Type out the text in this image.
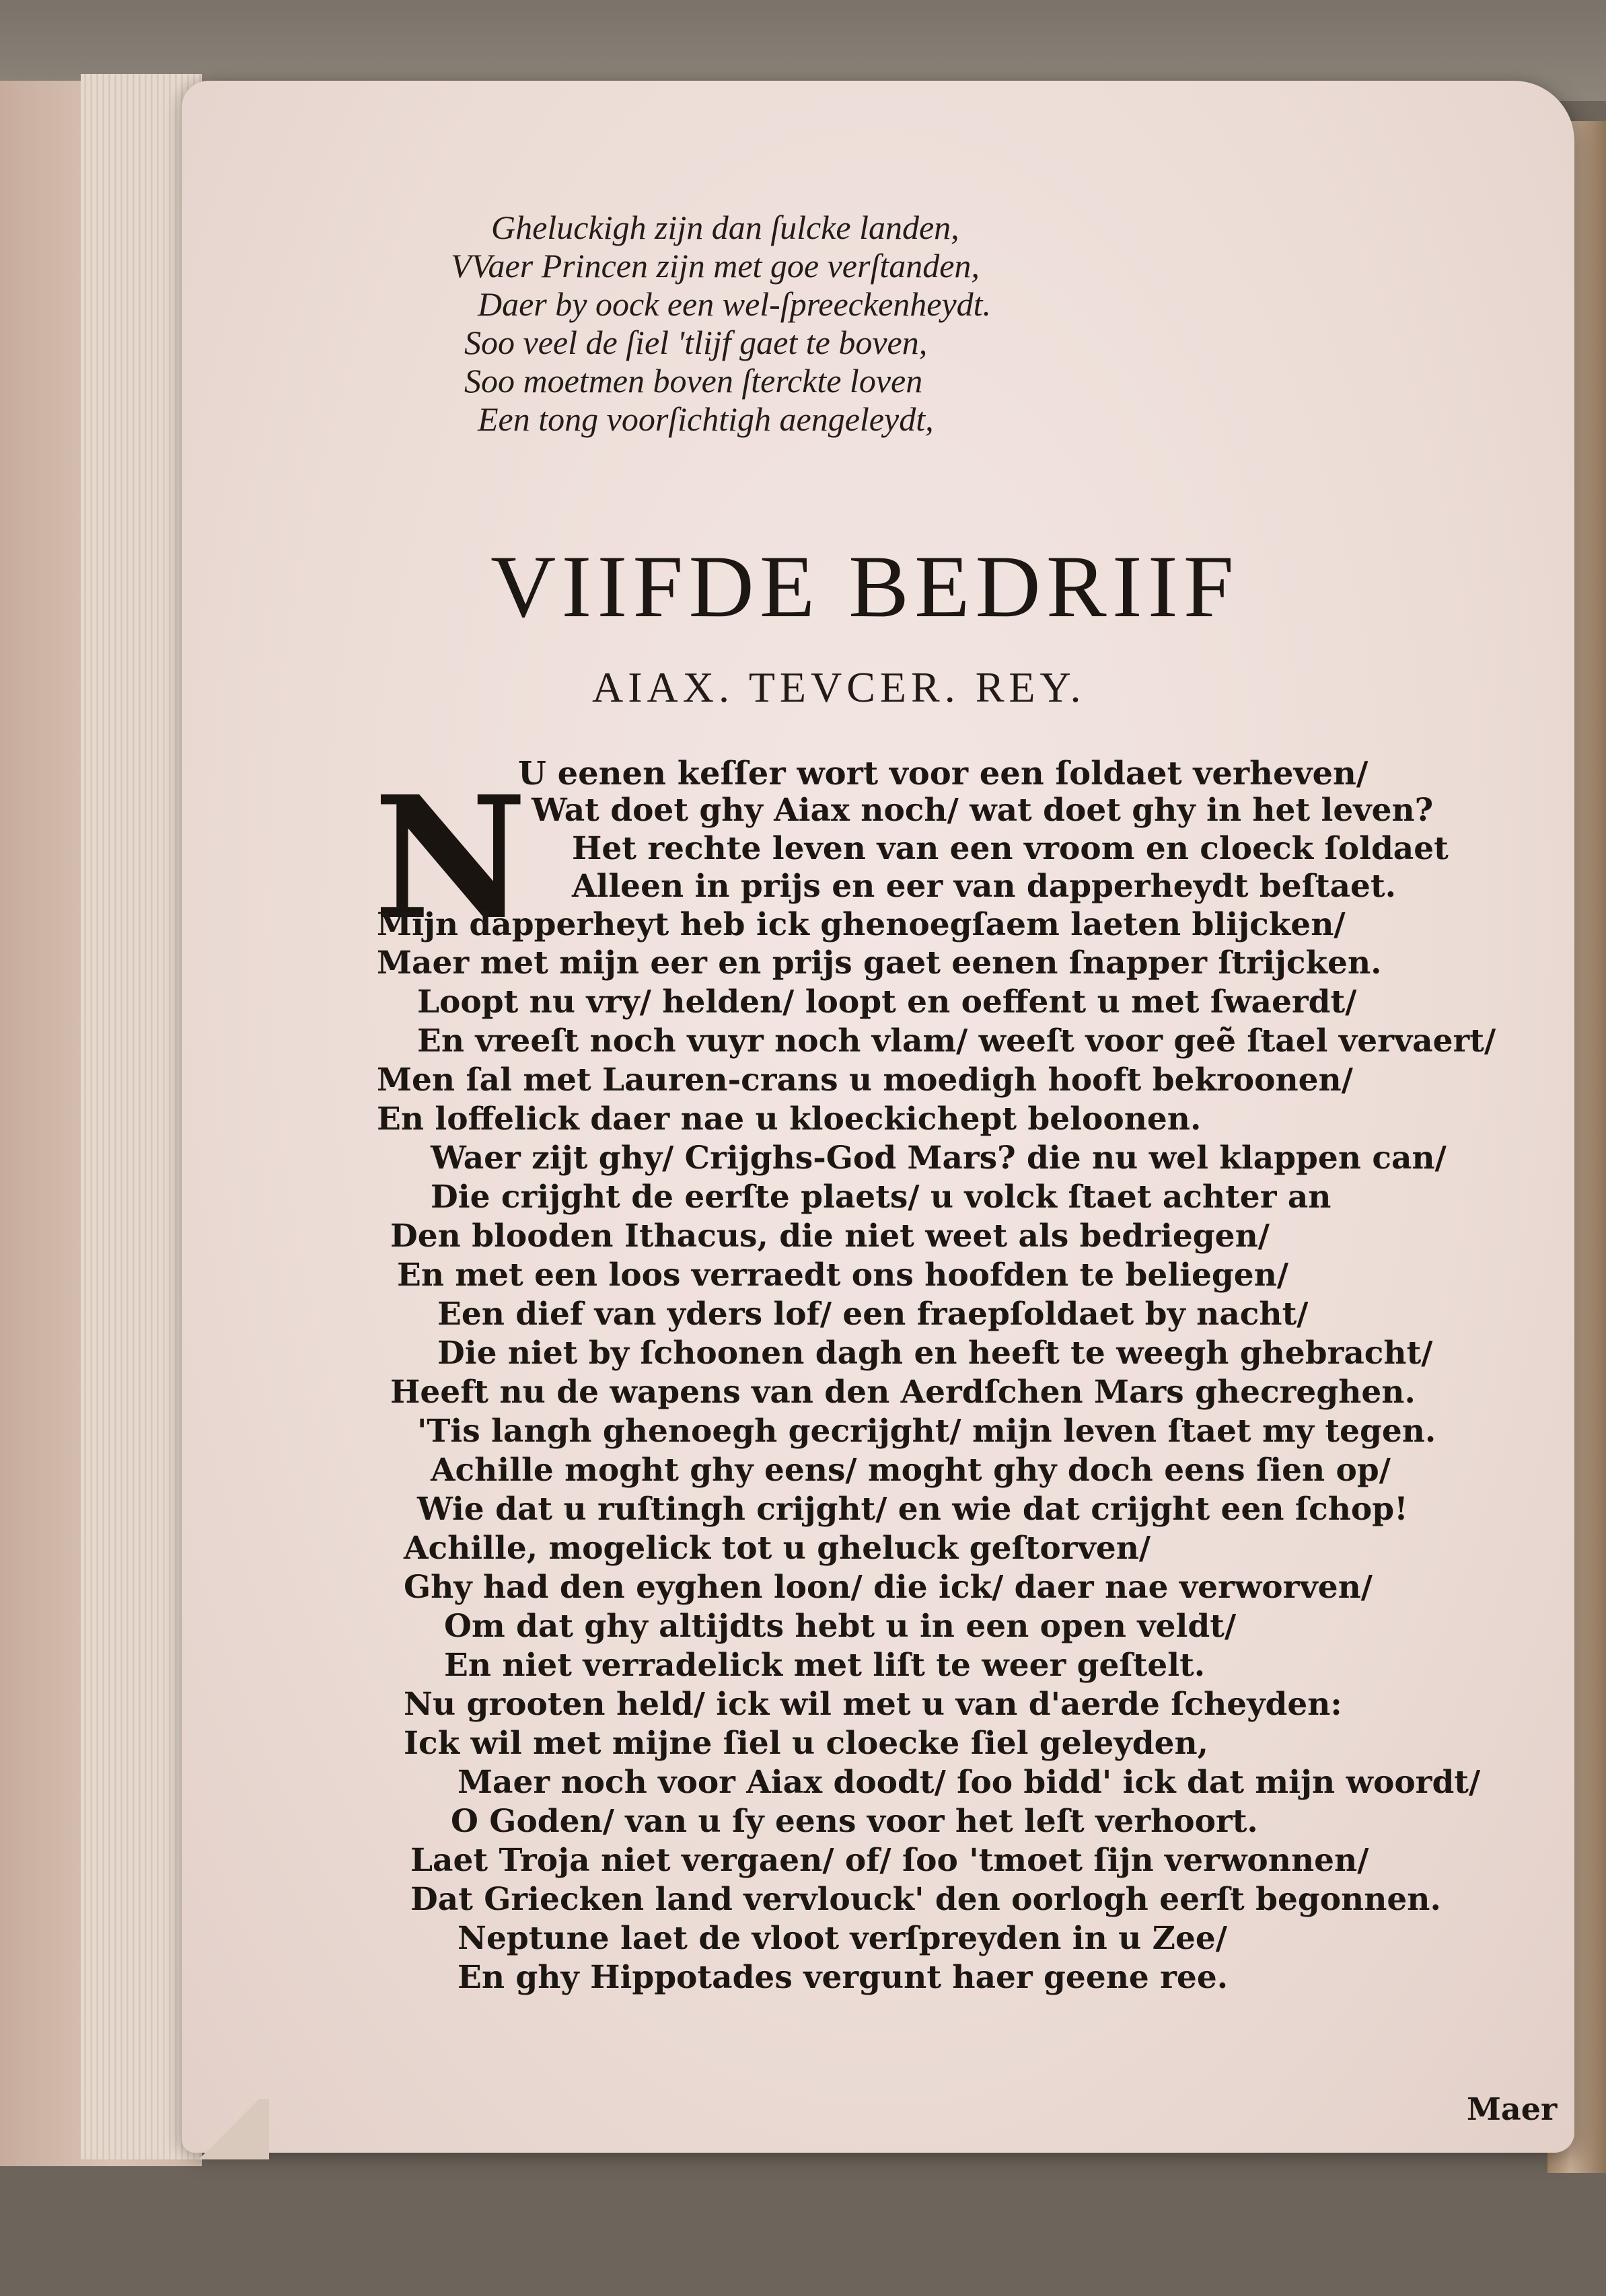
Gheluckigh zijn dan ſulcke landen,
VVaer Princen zijn met goe verſtanden,
Daer by oock een wel-ſpreeckenheydt.
Soo veel de ſiel 'tlijf gaet te boven,
Soo moetmen boven ſterckte loven
Een tong voorſichtigh aengeleydt,
VIIFDE BEDRIIF
AIAX. TEVCER. REY.
N
U eenen keſſer wort voor een ſoldaet verheven/
Wat doet ghy Aiax noch/ wat doet ghy in het leven?
Het rechte leven van een vroom en cloeck ſoldaet
Alleen in prijs en eer van dapperheydt beſtaet.
Mijn dapperheyt heb ick ghenoegſaem laeten blijcken/
Maer met mijn eer en prijs gaet eenen ſnapper ſtrijcken.
Loopt nu vry/ helden/ loopt en oeffent u met ſwaerdt/
En vreeſt noch vuyr noch vlam/ weeſt voor geẽ ſtael vervaert/
Men ſal met Lauren-crans u moedigh hooft bekroonen/
En loffelick daer nae u kloeckichept beloonen.
Waer zijt ghy/ Crijghs-God Mars? die nu wel klappen can/
Die crijght de eerſte plaets/ u volck ſtaet achter an
Den blooden Ithacus, die niet weet als bedriegen/
En met een loos verraedt ons hoofden te beliegen/
Een dief van yders lof/ een fraepſoldaet by nacht/
Die niet by ſchoonen dagh en heeft te weegh ghebracht/
Heeft nu de wapens van den Aerdſchen Mars ghecreghen.
'Tis langh ghenoegh gecrijght/ mijn leven ſtaet my tegen.
Achille moght ghy eens/ moght ghy doch eens ſien op/
Wie dat u ruſtingh crijght/ en wie dat crijght een ſchop!
Achille, mogelick tot u gheluck geſtorven/
Ghy had den eyghen loon/ die ick/ daer nae verworven/
Om dat ghy altijdts hebt u in een open veldt/
En niet verradelick met liſt te weer geſtelt.
Nu grooten held/ ick wil met u van d'aerde ſcheyden:
Ick wil met mijne ſiel u cloecke ſiel geleyden,
Maer noch voor Aiax doodt/ ſoo bidd' ick dat mijn woordt/
O Goden/ van u ſy eens voor het leſt verhoort.
Laet Troja niet vergaen/ of/ ſoo 'tmoet ſijn verwonnen/
Dat Griecken land vervlouck' den oorlogh eerſt begonnen.
Neptune laet de vloot verſpreyden in u Zee/
En ghy Hippotades vergunt haer geene ree.
Maer
